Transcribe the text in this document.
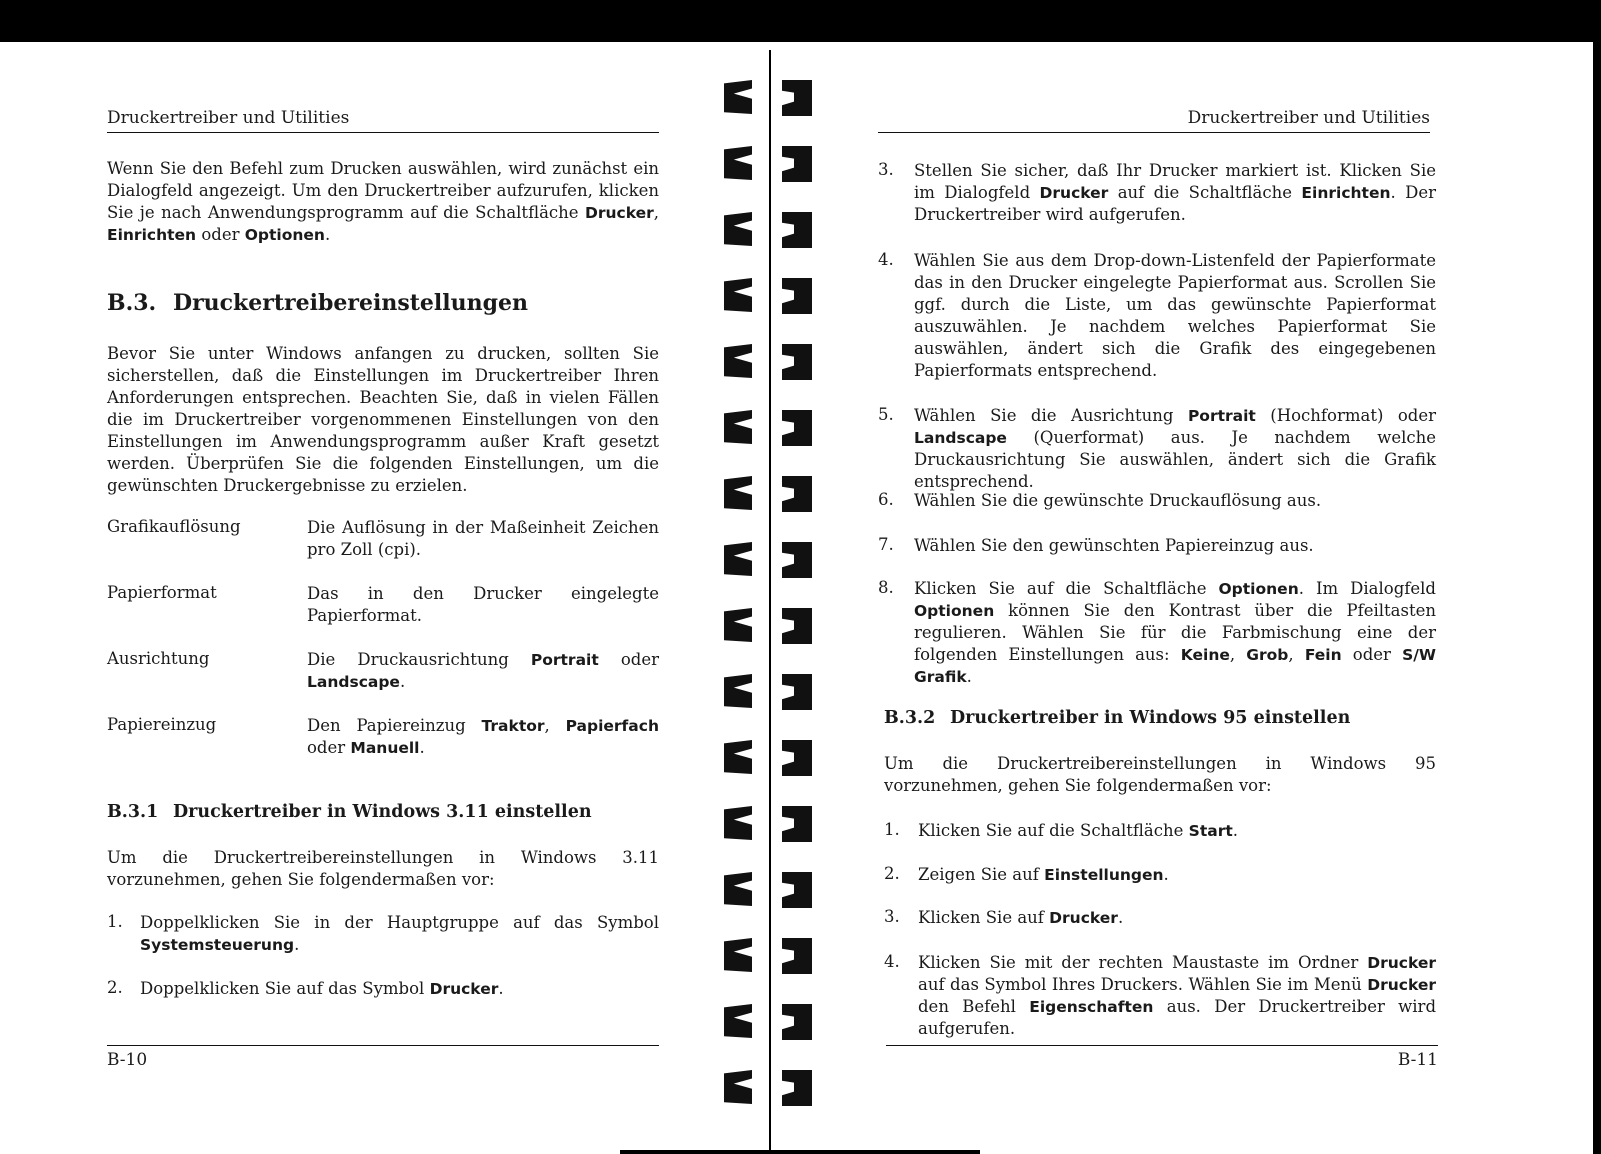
Druckertreiber und Utilities
Wenn Sie den Befehl zum Drucken auswählen, wird zunächst ein Dialogfeld angezeigt. Um den Druckertreiber aufzurufen, klicken Sie je nach Anwendungsprogramm auf die Schaltfläche Drucker, Einrichten oder Optionen.
B.3. Druckertreibereinstellungen
Bevor Sie unter Windows anfangen zu drucken, sollten Sie sicherstellen, daß die Einstellungen im Druckertreiber Ihren Anforderungen entsprechen. Beachten Sie, daß in vielen Fällen die im Druckertreiber vorgenommenen Einstellungen von den Einstellungen im Anwendungsprogramm außer Kraft gesetzt werden. Überprüfen Sie die folgenden Einstellungen, um die gewünschten Druckergebnisse zu erzielen.
Grafikauflösung	Die Auflösung in der Maßeinheit Zeichen pro Zoll (cpi).
Papierformat	Das in den Drucker eingelegte Papierformat.
Ausrichtung	Die Druckausrichtung Portrait oder Landscape.
Papiereinzug	Den Papiereinzug Traktor, Papierfach oder Manuell.
B.3.1 Druckertreiber in Windows 3.11 einstellen
Um die Druckertreibereinstellungen in Windows 3.11 vorzunehmen, gehen Sie folgendermaßen vor:
1. Doppelklicken Sie in der Hauptgruppe auf das Symbol Systemsteuerung.
2. Doppelklicken Sie auf das Symbol Drucker.
B-10
Druckertreiber und Utilities
3. Stellen Sie sicher, daß Ihr Drucker markiert ist. Klicken Sie im Dialogfeld Drucker auf die Schaltfläche Einrichten. Der Druckertreiber wird aufgerufen.
4. Wählen Sie aus dem Drop-down-Listenfeld der Papierformate das in den Drucker eingelegte Papierformat aus. Scrollen Sie ggf. durch die Liste, um das gewünschte Papierformat auszuwählen. Je nachdem welches Papierformat Sie auswählen, ändert sich die Grafik des eingegebenen Papierformats entsprechend.
5. Wählen Sie die Ausrichtung Portrait (Hochformat) oder Landscape (Querformat) aus. Je nachdem welche Druckausrichtung Sie auswählen, ändert sich die Grafik entsprechend.
6. Wählen Sie die gewünschte Druckauflösung aus.
7. Wählen Sie den gewünschten Papiereinzug aus.
8. Klicken Sie auf die Schaltfläche Optionen. Im Dialogfeld Optionen können Sie den Kontrast über die Pfeiltasten regulieren. Wählen Sie für die Farbmischung eine der folgenden Einstellungen aus: Keine, Grob, Fein oder S/W Grafik.
B.3.2 Druckertreiber in Windows 95 einstellen
Um die Druckertreibereinstellungen in Windows 95 vorzunehmen, gehen Sie folgendermaßen vor:
1. Klicken Sie auf die Schaltfläche Start.
2. Zeigen Sie auf Einstellungen.
3. Klicken Sie auf Drucker.
4. Klicken Sie mit der rechten Maustaste im Ordner Drucker auf das Symbol Ihres Druckers. Wählen Sie im Menü Drucker den Befehl Eigenschaften aus. Der Druckertreiber wird aufgerufen.
B-11
